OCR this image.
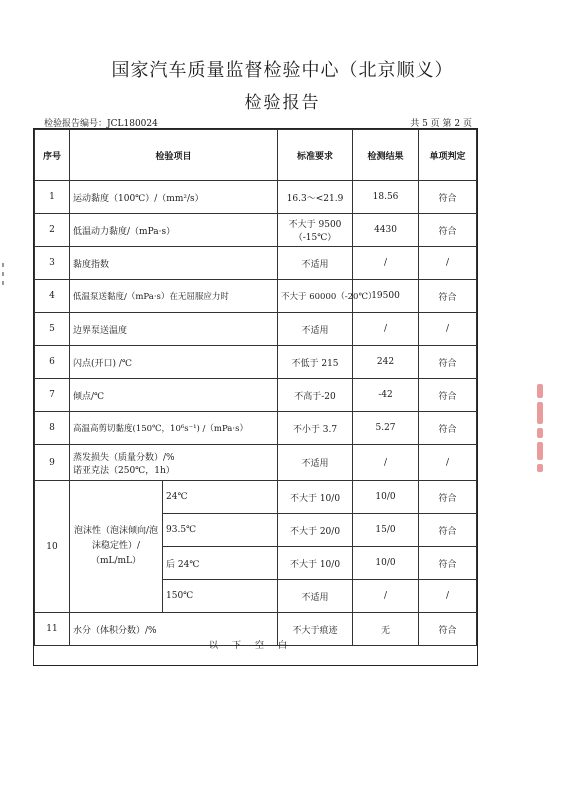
国家汽车质量监督检验中心（北京顺义）
检验报告
检验报告编号：JCL180024	共 5 页 第 2 页
序号	检验项目		标准要求	检测结果	单项判定
1	运动黏度（100℃）/（mm²/s）		16.3～<21.9	18.56	符合
2	低温动力黏度/（mPa·s）		不大于 9500（-15℃）	4430	符合
3	黏度指数		不适用	/	/
4	低温泵送黏度/（mPa·s）在无屈服应力时		不大于 60000（-20℃）	19500	符合
5	边界泵送温度		不适用	/	/
6	闪点(开口) /℃		不低于 215	242	符合
7	倾点/℃		不高于-20	-42	符合
8	高温高剪切黏度(150℃，10⁶s⁻¹) /（mPa·s）		不小于 3.7	5.27	符合
9	蒸发损失（质量分数）/%
诺亚克法（250℃，1h）		不适用	/	/
10	泡沫性（泡沫倾向/泡沫稳定性）/（mL/mL）	24℃	不大于 10/0	10/0	符合
		93.5℃	不大于 20/0	15/0	符合
		后 24℃	不大于 10/0	10/0	符合
		150℃	不适用	/	/
11	水分（体积分数）/%		不大于痕迹	无	符合
以下空白
